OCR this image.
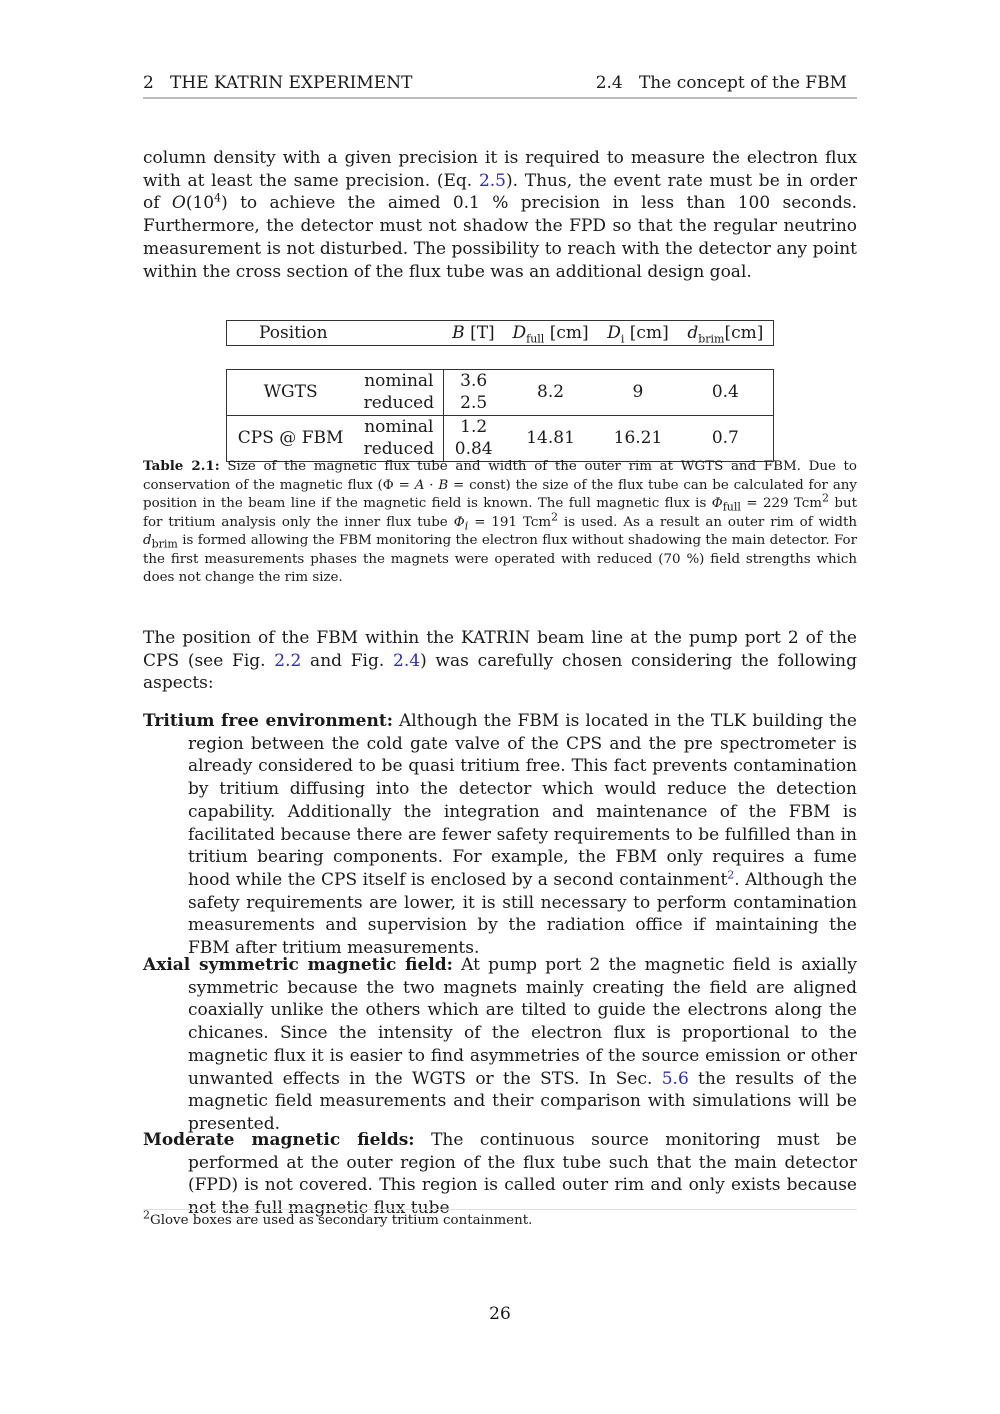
2 THE KATRIN EXPERIMENT	2.4 The concept of the FBM
column density with a given precision it is required to measure the electron flux with at least the same precision. (Eq. 2.5). Thus, the event rate must be in order of $O(10^4)$ to achieve the aimed 0.1 % precision in less than 100 seconds. Furthermore, the detector must not shadow the FPD so that the regular neutrino measurement is not disturbed. The possibility to reach with the detector any point within the cross section of the flux tube was an additional design goal.
Position		B [T]	$D_{full}$ [cm]	$D_i$ [cm]	$d_{brim}[cm]$

WGTS	nominal	3.6	8.2	9	0.4
	reduced	2.5			
CPS @ FBM	nominal	1.2	14.81	16.21	0.7
	reduced	0.84			
Table 2.1: Size of the magnetic flux tube and width of the outer rim at WGTS and FBM. Due to conservation of the magnetic flux (Φ = A · B = const) the size of the flux tube can be calculated for any position in the beam line if the magnetic field is known. The full magnetic flux is $\Phi_{full} = 229$ Tcm$^2$ but for tritium analysis only the inner flux tube $\Phi_i = 191$ Tcm$^2$ is used. As a result an outer rim of width $d_{brim}$ is formed allowing the FBM monitoring the electron flux without shadowing the main detector. For the first measurements phases the magnets were operated with reduced (70 %) field strengths which does not change the rim size.
The position of the FBM within the KATRIN beam line at the pump port 2 of the CPS (see Fig. 2.2 and Fig. 2.4) was carefully chosen considering the following aspects:

Tritium free environment: Although the FBM is located in the TLK building the region between the cold gate valve of the CPS and the pre spectrometer is already considered to be quasi tritium free. This fact prevents contamination by tritium diffusing into the detector which would reduce the detection capability. Additionally the integration and maintenance of the FBM is facilitated because there are fewer safety requirements to be fulfilled than in tritium bearing components. For example, the FBM only requires a fume hood while the CPS itself is enclosed by a second containment$^2$. Although the safety requirements are lower, it is still necessary to perform contamination measurements and supervision by the radiation office if maintaining the FBM after tritium measurements.

Axial symmetric magnetic field: At pump port 2 the magnetic field is axially symmetric because the two magnets mainly creating the field are aligned coaxially unlike the others which are tilted to guide the electrons along the chicanes. Since the intensity of the electron flux is proportional to the magnetic flux it is easier to find asymmetries of the source emission or other unwanted effects in the WGTS or the STS. In Sec. 5.6 the results of the magnetic field measurements and their comparison with simulations will be presented.

Moderate magnetic fields: The continuous source monitoring must be performed at the outer region of the flux tube such that the main detector (FPD) is not covered. This region is called outer rim and only exists because not the full magnetic flux tube

$^2$Glove boxes are used as secondary tritium containment.
26
